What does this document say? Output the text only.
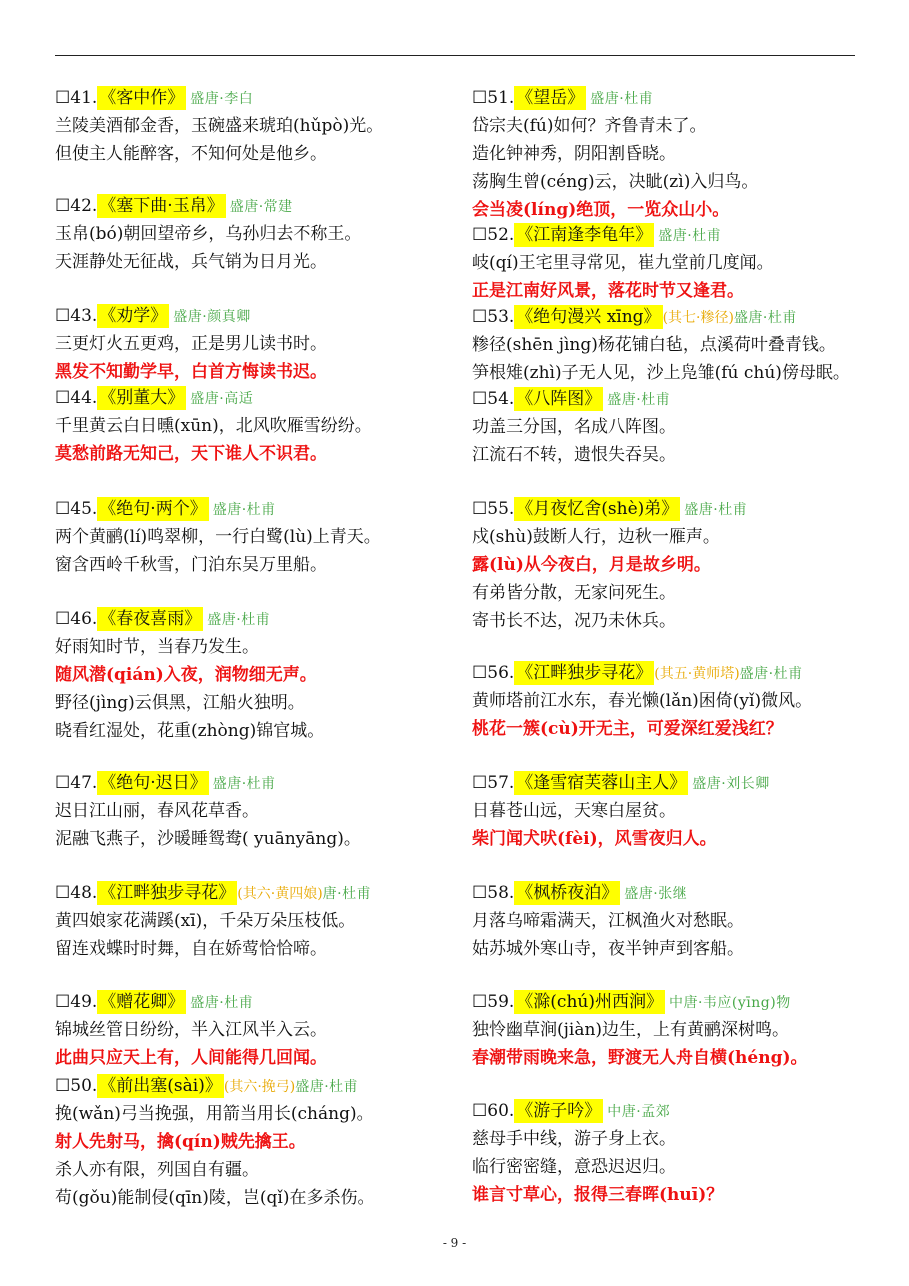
☐41. 《客中作》 盛唐·李白
兰陵美酒郁金香，玉碗盛来琥珀(hǔpò)光。
但使主人能醉客，不知何处是他乡。
☐42. 《塞下曲·玉帛》 盛唐·常建
玉帛(bó)朝回望帝乡，乌孙归去不称王。
天涯静处无征战，兵气销为日月光。
☐43. 《劝学》 盛唐·颜真卿
三更灯火五更鸡，正是男儿读书时。
黑发不知勤学早，白首方悔读书迟。
☐44. 《别董大》 盛唐·高适
千里黄云白日曛(xūn)，北风吹雁雪纷纷。
莫愁前路无知己，天下谁人不识君。
☐45. 《绝句·两个》 盛唐·杜甫
两个黄鹂(lí)鸣翠柳，一行白鹭(lù)上青天。
窗含西岭千秋雪，门泊东吴万里船。
☐46. 《春夜喜雨》 盛唐·杜甫
好雨知时节，当春乃发生。
随风潜(qián)入夜，润物细无声。
野径(jìng)云俱黑，江船火独明。
晓看红湿处，花重(zhòng)锦官城。
☐47. 《绝句·迟日》 盛唐·杜甫
迟日江山丽，春风花草香。
泥融飞燕子，沙暖睡鸳鸯( yuānyāng)。
☐48. 《江畔独步寻花》 (其六·黄四娘)唐·杜甫
黄四娘家花满蹊(xī)，千朵万朵压枝低。
留连戏蝶时时舞，自在娇莺恰恰啼。
☐49. 《赠花卿》 盛唐·杜甫
锦城丝管日纷纷，半入江风半入云。
此曲只应天上有，人间能得几回闻。
☐50. 《前出塞(sài)》 (其六·挽弓)盛唐·杜甫
挽(wǎn)弓当挽强，用箭当用长(cháng)。
射人先射马，擒(qín)贼先擒王。
杀人亦有限，列国自有疆。
苟(gǒu)能制侵(qīn)陵，岂(qǐ)在多杀伤。
☐51. 《望岳》 盛唐·杜甫
岱宗夫(fú)如何？齐鲁青未了。
造化钟神秀，阴阳割昏晓。
荡胸生曾(céng)云，决眦(zì)入归鸟。
会当凌(líng)绝顶，一览众山小。
☐52. 《江南逢李龟年》 盛唐·杜甫
岐(qí)王宅里寻常见，崔九堂前几度闻。
正是江南好风景，落花时节又逢君。
☐53. 《绝句漫兴 xīng》 (其七·糁径)盛唐·杜甫
糁径(shēn jìng)杨花铺白毡，点溪荷叶叠青钱。
笋根雉(zhì)子无人见，沙上凫雏(fú chú)傍母眠。
☐54. 《八阵图》 盛唐·杜甫
功盖三分国，名成八阵图。
江流石不转，遗恨失吞吴。
☐55. 《月夜忆舍(shè)弟》 盛唐·杜甫
戍(shù)鼓断人行，边秋一雁声。
露(lù)从今夜白，月是故乡明。
有弟皆分散，无家问死生。
寄书长不达，况乃未休兵。
☐56. 《江畔独步寻花》 (其五·黄师塔)盛唐·杜甫
黄师塔前江水东，春光懒(lǎn)困倚(yǐ)微风。
桃花一簇(cù)开无主，可爱深红爱浅红？
☐57. 《逢雪宿芙蓉山主人》 盛唐·刘长卿
日暮苍山远，天寒白屋贫。
柴门闻犬吠(fèi)，风雪夜归人。
☐58. 《枫桥夜泊》 盛唐·张继
月落乌啼霜满天，江枫渔火对愁眠。
姑苏城外寒山寺，夜半钟声到客船。
☐59. 《滁(chú)州西涧》 中唐·韦应(yīng)物
独怜幽草涧(jiàn)边生，上有黄鹂深树鸣。
春潮带雨晚来急，野渡无人舟自横(héng)。
☐60. 《游子吟》 中唐·孟郊
慈母手中线，游子身上衣。
临行密密缝，意恐迟迟归。
谁言寸草心，报得三春晖(huī)？
- 9 -
